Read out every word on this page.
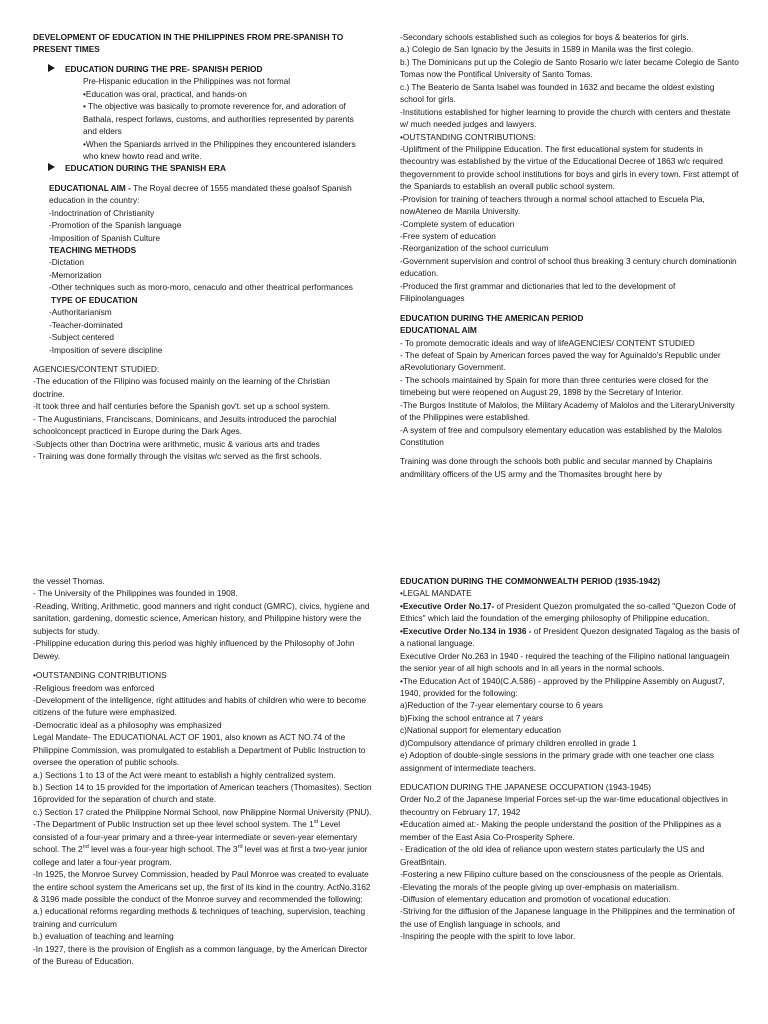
DEVELOPMENT OF EDUCATION IN THE PHILIPPINES FROM PRE-SPANISH TO PRESENT TIMES

EDUCATION DURING THE PRE- SPANISH PERIOD

Pre-Hispanic education in the Philippines was not formal

•Education was oral, practical, and hands-on

• The objective was basically to promote reverence for, and adoration of Bathala, respect forlaws, customs, and authorities represented by parents and elders

•When the Spaniards arrived in the Philippines they encountered islanders who knew howto read and write.

EDUCATION DURING THE SPANISH ERA

EDUCATIONAL AIM - The Royal decree of 1555 mandated these goalsof Spanish education in the country:

-Indoctrination of Christianity

-Promotion of the Spanish language

-Imposition of Spanish Culture

TEACHING METHODS

-Dictation

-Memorization

-Other techniques such as moro-moro, cenaculo and other theatrical performances

TYPE OF EDUCATION

-Authoritarianism

-Teacher-dominated

-Subject centered

-Imposition of severe discipline

AGENCIES/CONTENT STUDIED:

-The education of the Filipino was focused mainly on the learning of the Christian doctrine.

-It took three and half centuries before the Spanish gov't. set up a school system.

- The Augustinians, Franciscans, Dominicans, and Jesuits introduced the parochial schoolconcept practiced in Europe during the Dark Ages.

-Subjects other than Doctrina were arithmetic, music & various arts and trades

- Training was done formally through the visitas w/c served as the first schools.

-Secondary schools established such as colegios for boys & beaterios for girls.

a.) Colegio de San Ignacio by the Jesuits in 1589 in Manila was the first colegio.

b.) The Dominicans put up the Colegio de Santo Rosario w/c later became Colegio de Santo Tomas now the Pontifical University of Santo Tomas.

c.) The Beaterio de Santa Isabel was founded in 1632 and became the oldest existing school for girls.

-Institutions established for higher learning to provide the church with centers and thestate w/ much needed judges and lawyers.

•OUTSTANDING CONTRIBUTIONS:

-Upliftment of the Philippine Education. The first educational system for students in thecountry was established by the virtue of the Educational Decree of 1863 w/c required thegovernment to provide school institutions for boys and girls in every town. First attempt of the Spaniards to establish an overall public school system.

-Provision for training of teachers through a normal school attached to Escuela Pia, nowAteneo de Manila University.

-Complete system of education

-Free system of education

-Reorganization of the school curriculum

-Government supervision and control of school thus breaking 3 century church dominationin education.

-Produced the first grammar and dictionaries that led to the development of Filipinolanguages

EDUCATION DURING THE AMERICAN PERIOD

EDUCATIONAL AIM

- To promote democratic ideals and way of lifeAGENCIES/ CONTENT STUDIED

- The defeat of Spain by American forces paved the way for Aguinaldo's Republic under aRevolutionary Government.

- The schools maintained by Spain for more than three centuries were closed for the timebeing but were reopened on August 29, 1898 by the Secretary of Interior.

-The Burgos Institute of Malolos, the Military Academy of Malolos and the LiteraryUniversity of the Philippines were established.

-A system of free and compulsory elementary education was established by the Malolos Constitution

Training was done through the schools both public and secular manned by Chaplains andmilitary officers of the US army and the Thomasites brought here by

the vessel Thomas.

- The University of the Philippines was founded in 1908.

-Reading, Writing, Arithmetic, good manners and right conduct (GMRC), civics, hygiene and sanitation, gardening, domestic science, American history, and Philippine history were the subjects for study.

-Philippine education during this period was highly influenced by the Philosophy of John Dewey.

•OUTSTANDING CONTRIBUTIONS

-Religious freedom was enforced

-Development of the intelligence, right attitudes and habits of children who were to become citizens of the future were emphasized.

-Democratic ideal as a philosophy was emphasized

Legal Mandate- The EDUCATIONAL ACT OF 1901, also known as ACT NO.74 of the Philippine Commission, was promulgated to establish a Department of Public Instruction to oversee the operation of public schools.

a.) Sections 1 to 13 of the Act were meant to establish a highly centralized system.

b.) Section 14 to 15 provided for the importation of American teachers (Thomasites). Section 16provided for the separation of church and state.

c.) Section 17 crated the Philippine Normal School, now Philippine Normal University (PNU).

-The Department of Public Instruction set up thee level school system. The 1st Level consisted of a four-year primary and a three-year intermediate or seven-year elementary school. The 2nd level was a four-year high school. The 3rd level was at first a two-year junior college and later a four-year program.

-In 1925, the Monroe Survey Commission, headed by Paul Monroe was created to evaluate the entire school system the Americans set up, the first of its kind in the country. ActNo.3162 & 3196 made possible the conduct of the Monroe survey and recommended the following:

a.) educational reforms regarding methods & techniques of teaching, supervision, teaching training and curriculum

b.) evaluation of teaching and learning

-In 1927, there is the provision of English as a common language, by the American Director of the Bureau of Education.

EDUCATION DURING THE COMMONWEALTH PERIOD (1935-1942)

•LEGAL MANDATE

•Executive Order No.17- of President Quezon promulgated the so-called "Quezon Code of Ethics" which laid the foundation of the emerging philosophy of Philippine education.

•Executive Order No.134 in 1936 - of President Quezon designated Tagalog as the basis of a national language.

Executive Order No.263 in 1940 - required the teaching of the Filipino national languagein the senior year of all high schools and in all years in the normal schools.

•The Education Act of 1940(C.A.586) - approved by the Philippine Assembly on August7, 1940, provided for the following:

a)Reduction of the 7-year elementary course to 6 years

b)Fixing the school entrance at 7 years

c)National support for elementary education

d)Compulsory attendance of primary children enrolled in grade 1

e) Adoption of double-single sessions in the primary grade with one teacher one class assignment of intermediate teachers.

EDUCATION DURING THE JAPANESE OCCUPATION (1943-1945)

Order No.2 of the Japanese Imperial Forces set-up the war-time educational objectives in thecountry on February 17, 1942

•Education aimed at:- Making the people understand the position of the Philippines as a member of the East Asia Co-Prosperity Sphere.

- Eradication of the old idea of reliance upon western states particularly the US and GreatBritain.

-Fostering a new Filipino culture based on the consciousness of the people as Orientals.

-Elevating the morals of the people giving up over-emphasis on materialism.

-Diffusion of elementary education and promotion of vocational education.

-Striving for the diffusion of the Japanese language in the Philippines and the termination of the use of English language in schools, and

-Inspiring the people with the spirit to love labor.
